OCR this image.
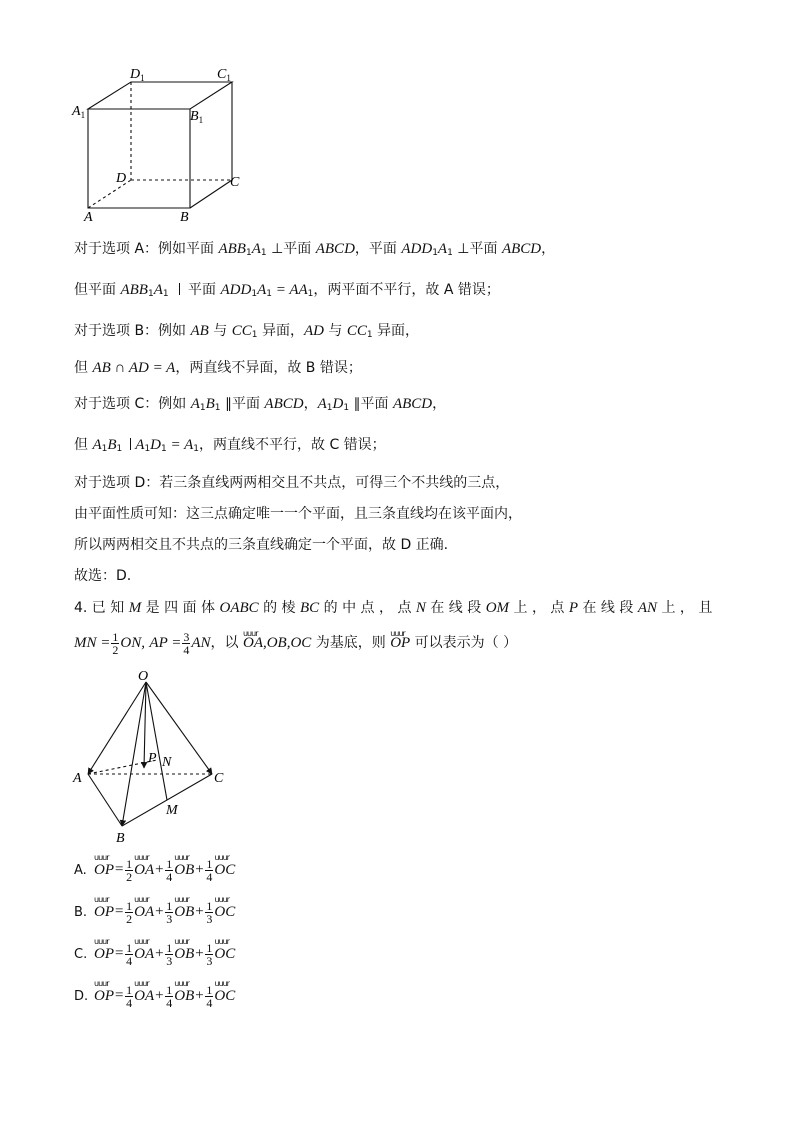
$D_1$	$C_1$
$A_1$	$B_1$
D	C
A	B
对于选项 A：例如平面 $ABB_1A_1$ ⊥平面 ABCD，平面 $ADD_1A_1$ ⊥平面 ABCD，
但平面 $ABB_1A_1$ 平面 $ADD_1A_1 = AA_1$，两平面不平行，故 A 错误；
对于选项 B：例如 AB 与 $CC_1$ 异面，AD 与 $CC_1$ 异面，
但 AB ∩ AD = A，两直线不异面，故 B 错误；
对于选项 C：例如 $A_1B_1$ ∥平面 ABCD，$A_1D_1$ ∥平面 ABCD，
但 $A_1B_1$ $A_1D_1 = A_1$，两直线不平行，故 C 错误；
对于选项 D：若三条直线两两相交且不共点，可得三个不共线的三点，
由平面性质可知：这三点确定唯一一个平面，且三条直线均在该平面内，
所以两两相交且不共点的三条直线确定一个平面，故 D 正确.
故选：D.
4. 已 知 M 是 四 面 体 OABC 的 棱 BC 的 中 点 ， 点 N 在 线 段 OM 上 ， 点 P 在 线 段 AN 上 ， 且
MN = $\frac{1}{2}$ ON, AP = $\frac{3}{4}$ AN，以 uuur OA,OB,OC 为基底，则 uuur OP 可以表示为（ ）
O
A
B
C
M
N
P
A. uuur $OP= \frac{1}{2}$ uuur $OA+ \frac{1}{4}$ uuur $OB+ \frac{1}{4}$ uuur OC
B. uuur $OP= \frac{1}{2}$ uuur $OA+ \frac{1}{3}$ uuur $OB+ \frac{1}{3}$ uuur OC
C. uuur $OP= \frac{1}{4}$ uuur $OA+ \frac{1}{3}$ uuur $OB+ \frac{1}{3}$ uuur OC
D. uuur $OP= \frac{1}{4}$ uuur $OA+ \frac{1}{4}$ uuur $OB+ \frac{1}{4}$ uuur OC
